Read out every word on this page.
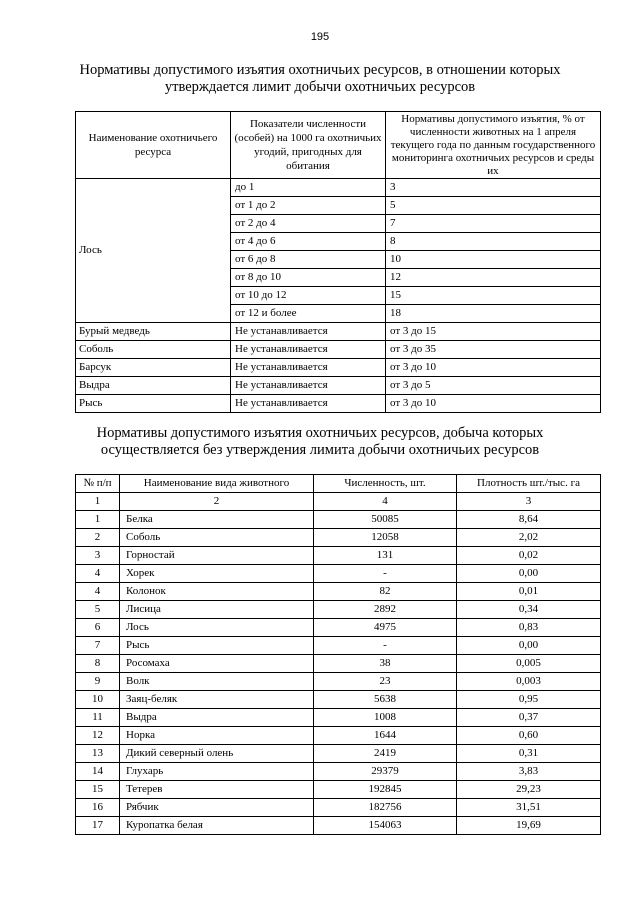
195
Нормативы допустимого изъятия охотничьих ресурсов, в отношении которых
утверждается лимит добычи охотничьих ресурсов
Наименование охотничьего ресурса	Показатели численности (особей) на 1000 га охотничьих угодий, пригодных для обитания	Нормативы допустимого изъятия, % от численности животных на 1 апреля текущего года по данным государственного мониторинга охотничьих ресурсов и среды их
Лось	до 1	3
	от 1 до 2	5
	от 2 до 4	7
	от 4 до 6	8
	от 6 до 8	10
	от 8 до 10	12
	от 10 до 12	15
	от 12 и более	18
Бурый медведь	Не устанавливается	от 3 до 15
Соболь	Не устанавливается	от 3 до 35
Барсук	Не устанавливается	от 3 до 10
Выдра	Не устанавливается	от 3 до 5
Рысь	Не устанавливается	от 3 до 10
Нормативы допустимого изъятия охотничьих ресурсов, добыча которых
осуществляется без утверждения лимита добычи охотничьих ресурсов
№ п/п	Наименование вида животного	Численность, шт.	Плотность шт./тыс. га
1	2	4	3
1	Белка	50085	8,64
2	Соболь	12058	2,02
3	Горностай	131	0,02
4	Хорек	-	0,00
4	Колонок	82	0,01
5	Лисица	2892	0,34
6	Лось	4975	0,83
7	Рысь	-	0,00
8	Росомаха	38	0,005
9	Волк	23	0,003
10	Заяц-беляк	5638	0,95
11	Выдра	1008	0,37
12	Норка	1644	0,60
13	Дикий северный олень	2419	0,31
14	Глухарь	29379	3,83
15	Тетерев	192845	29,23
16	Рябчик	182756	31,51
17	Куропатка белая	154063	19,69
